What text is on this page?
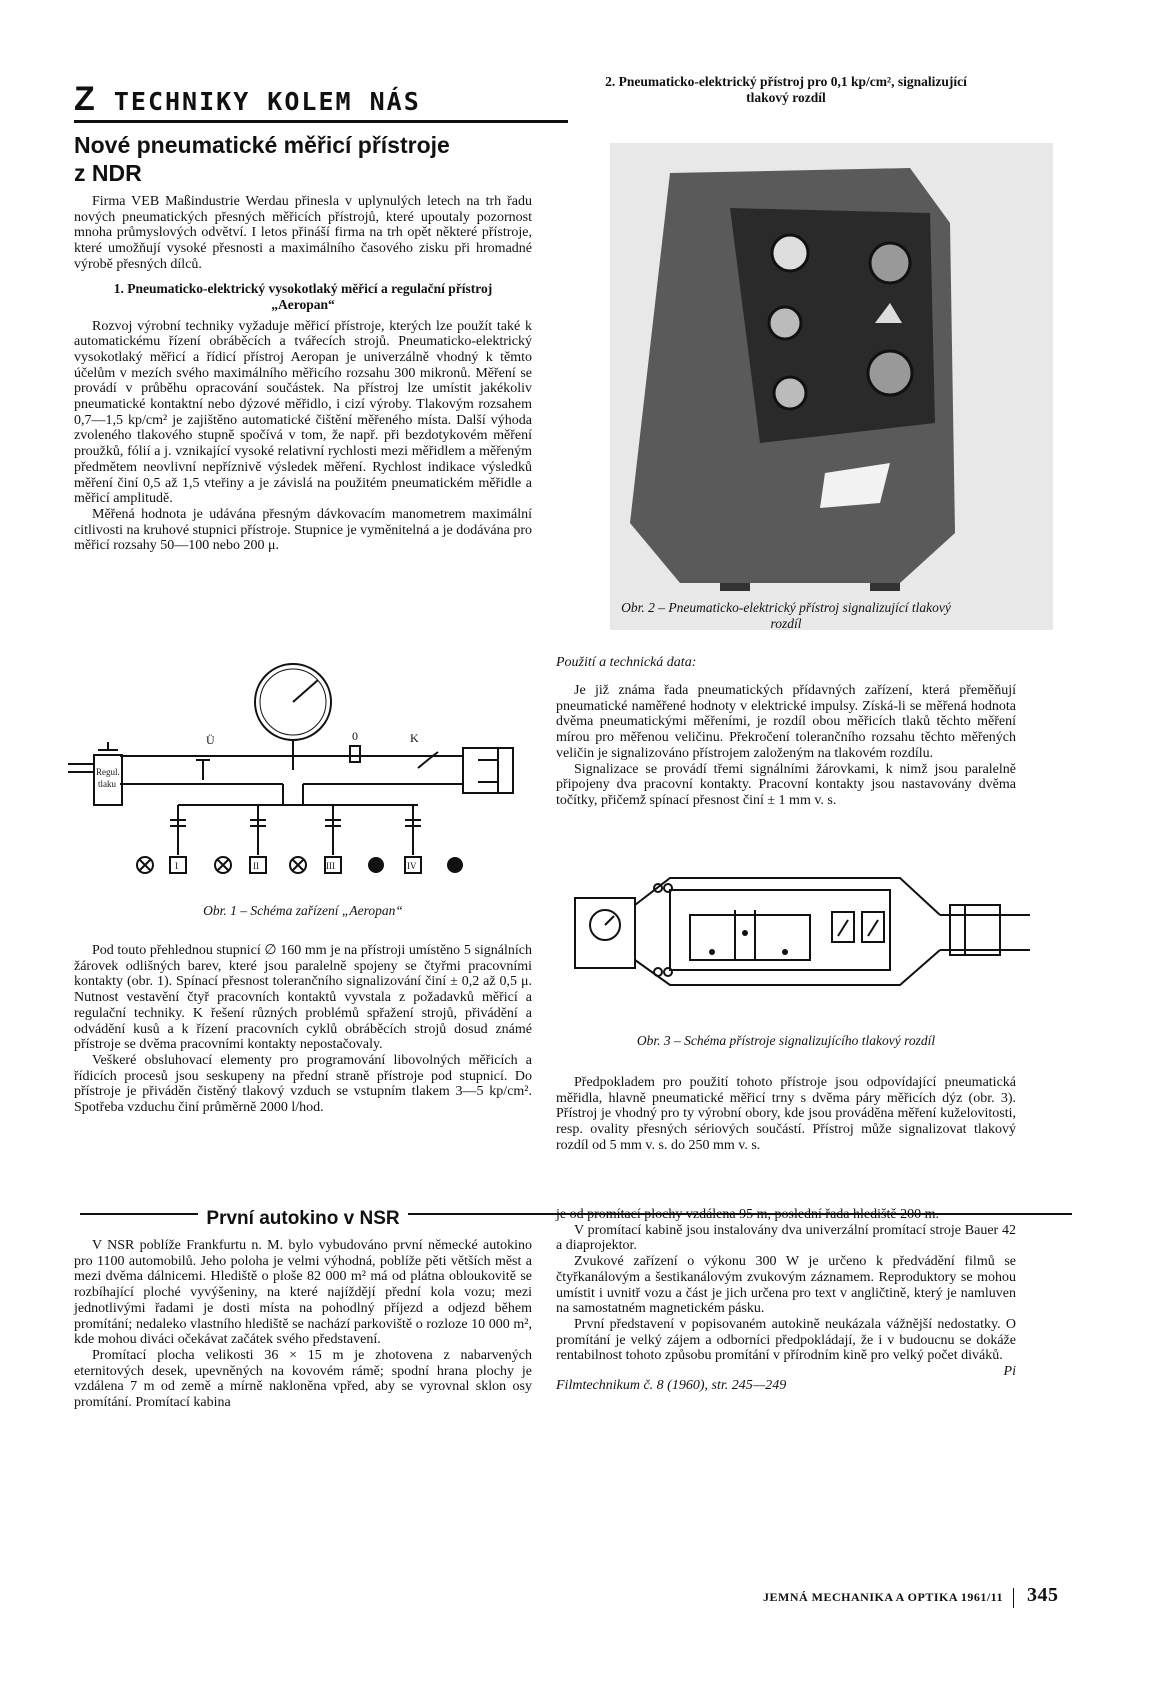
Z TECHNIKY KOLEM NÁS
Nové pneumatické měřicí přístroje
z NDR

Firma VEB Maßindustrie Werdau přinesla v uplynulých letech na trh řadu nových pneumatických přesných měřicích přístrojů, které upoutaly pozornost mnoha průmyslových odvětví. I letos přináší firma na trh opět některé přístroje, které umožňují vysoké přesnosti a maximálního časového zisku při hromadné výrobě přesných dílců.

1. Pneumaticko-elektrický vysokotlaký měřicí a regulační přístroj
„Aeropan“

Rozvoj výrobní techniky vyžaduje měřicí přístroje, kterých lze použít také k automatickému řízení obráběcích a tvářecích strojů. Pneumaticko-elektrický vysokotlaký měřicí a řídicí přístroj Aeropan je univerzálně vhodný k těmto účelům v mezích svého maximálního měřicího rozsahu 300 mikronů. Měření se provádí v průběhu opracování součástek. Na přístroj lze umístit jakékoliv pneumatické kontaktní nebo dýzové měřidlo, i cizí výroby. Tlakovým rozsahem 0,7—1,5 kp/cm² je zajištěno automatické čištění měřeného místa. Další výhoda zvoleného tlakového stupně spočívá v tom, že např. při bezdotykovém měření proužků, fólií a j. vznikající vysoké relativní rychlosti mezi měřidlem a měřeným předmětem neovlivní nepříznivě výsledek měření. Rychlost indikace výsledků měření činí 0,5 až 1,5 vteřiny a je závislá na použitém pneumatickém měřidle a měřicí amplitudě.

Měřená hodnota je udávána přesným dávkovacím manometrem maximální citlivosti na kruhové stupnici přístroje. Stupnice je vyměnitelná a je dodávána pro měřicí rozsahy 50—100 nebo 200 μ.

Regul.
tlaku
Ü	0	K
I	II	III	IV
Obr. 1 – Schéma zařízení „Aeropan“

Pod touto přehlednou stupnicí ∅ 160 mm je na přístroji umístěno 5 signálních žárovek odlišných barev, které jsou paralelně spojeny se čtyřmi pracovními kontakty (obr. 1). Spínací přesnost tolerančního signalizování činí ± 0,2 až 0,5 μ. Nutnost vestavění čtyř pracovních kontaktů vyvstala z požadavků měřicí a regulační techniky. K řešení různých problémů spřažení strojů, přivádění a odvádění kusů a k řízení pracovních cyklů obráběcích strojů dosud známé přístroje se dvěma pracovními kontakty nepostačovaly.

Veškeré obsluhovací elementy pro programování libovolných měřicích a řídicích procesů jsou seskupeny na přední straně přístroje pod stupnicí. Do přístroje je přiváděn čistěný tlakový vzduch se vstupním tlakem 3—5 kp/cm². Spotřeba vzduchu činí průměrně 2000 l/hod.

2. Pneumaticko-elektrický přístroj pro 0,1 kp/cm², signalizující
tlakový rozdíl
Obr. 2 – Pneumaticko-elektrický přístroj signalizující tlakový
rozdíl
Použití a technická data:

Je již známa řada pneumatických přídavných zařízení, která přeměňují pneumatické naměřené hodnoty v elektrické impulsy. Získá-li se měřená hodnota dvěma pneumatickými měřeními, je rozdíl obou měřicích tlaků těchto měření mírou pro měřenou veličinu. Překročení tolerančního rozsahu těchto měřených veličin je signalizováno přístrojem založeným na tlakovém rozdílu.

Signalizace se provádí třemi signálními žárovkami, k nimž jsou paralelně připojeny dva pracovní kontakty. Pracovní kontakty jsou nastavovány dvěma točítky, přičemž spínací přesnost činí ± 1 mm v. s.

Obr. 3 – Schéma přístroje signalizujícího tlakový rozdíl

Předpokladem pro použití tohoto přístroje jsou odpovídající pneumatická měřidla, hlavně pneumatické měřicí trny s dvěma páry měřicích dýz (obr. 3). Přístroj je vhodný pro ty výrobní obory, kde jsou prováděna měření kuželovitosti, resp. ovality přesných sériových součástí. Přístroj může signalizovat tlakový rozdíl od 5 mm v. s. do 250 mm v. s.

První autokino v NSR

V NSR poblíže Frankfurtu n. M. bylo vybudováno první německé autokino pro 1100 automobilů. Jeho poloha je velmi výhodná, poblíže pěti větších měst a mezi dvěma dálnicemi. Hlediště o ploše 82 000 m² má od plátna obloukovitě se rozbíhající ploché vyvýšeniny, na které najíždějí přední kola vozu; mezi jednotlivými řadami je dosti místa na pohodlný příjezd a odjezd během promítání; nedaleko vlastního hlediště se nachází parkoviště o rozloze 10 000 m², kde mohou diváci očekávat začátek svého představení.

Promítací plocha velikosti 36 × 15 m je zhotovena z nabarvených eternitových desek, upevněných na kovovém rámě; spodní hrana plochy je vzdálena 7 m od země a mírně nakloněna vpřed, aby se vyrovnal sklon osy promítání. Promítací kabina

je od promítací plochy vzdálena 95 m, poslední řada hlediště 200 m.

V promítací kabině jsou instalovány dva univerzální promítací stroje Bauer 42 a diaprojektor.

Zvukové zařízení o výkonu 300 W je určeno k předvádění filmů se čtyřkanálovým a šestikanálovým zvukovým záznamem. Reproduktory se mohou umístit i uvnitř vozu a část je jich určena pro text v angličtině, který je namluven na samostatném magnetickém pásku.

První představení v popisovaném autokině neukázala vážnější nedostatky. O promítání je velký zájem a odborníci předpokládají, že i v budoucnu se dokáže rentabilnost tohoto způsobu promítání v přírodním kině pro velký počet diváků.
Pi

Filmtechnikum č. 8 (1960), str. 245—249
JEMNÁ MECHANIKA A OPTIKA 1961/11 345
